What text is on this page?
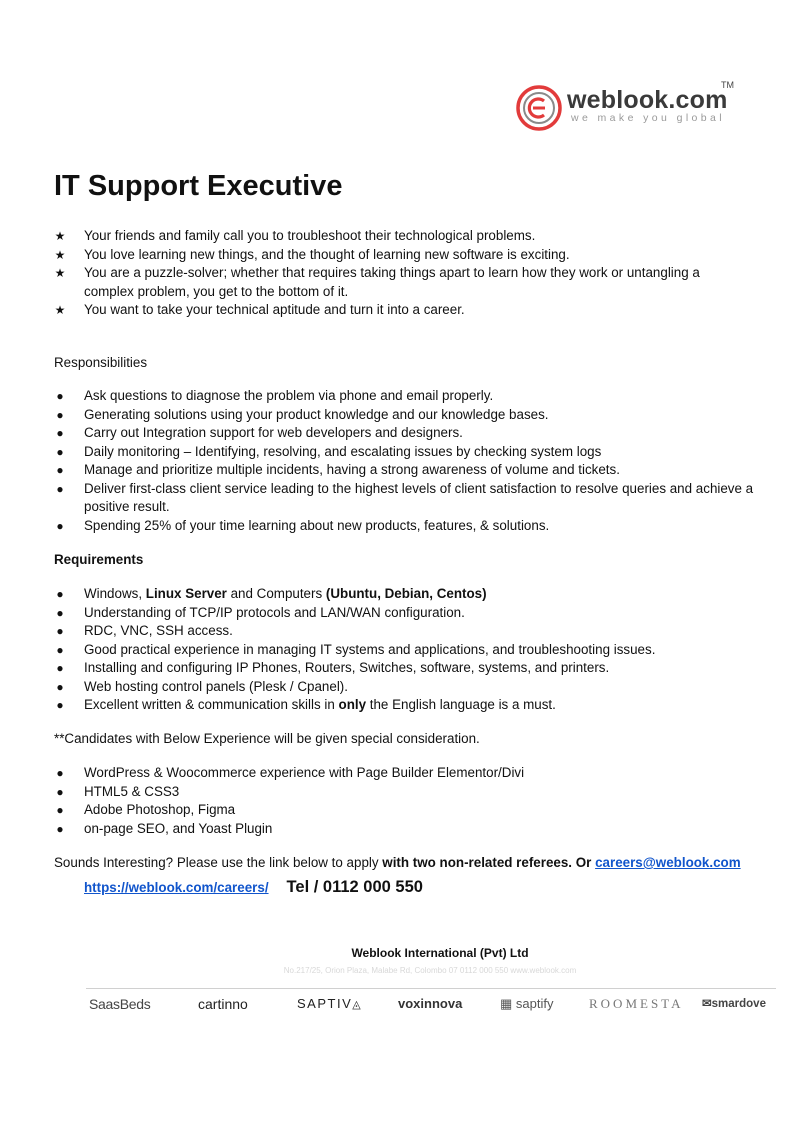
weblook.com
TM
we make you global
IT Support Executive
★ Your friends and family call you to troubleshoot their technological problems.
★ You love learning new things, and the thought of learning new software is exciting.
★ You are a puzzle-solver; whether that requires taking things apart to learn how they work or untangling a complex problem, you get to the bottom of it.
★ You want to take your technical aptitude and turn it into a career.

Responsibilities

● Ask questions to diagnose the problem via phone and email properly.
● Generating solutions using your product knowledge and our knowledge bases.
● Carry out Integration support for web developers and designers.
● Daily monitoring – Identifying, resolving, and escalating issues by checking system logs
● Manage and prioritize multiple incidents, having a strong awareness of volume and tickets.
● Deliver first-class client service leading to the highest levels of client satisfaction to resolve queries and achieve a positive result.
● Spending 25% of your time learning about new products, features, & solutions.

Requirements

● Windows, Linux Server and Computers (Ubuntu, Debian, Centos)
● Understanding of TCP/IP protocols and LAN/WAN configuration.
● RDC, VNC, SSH access.
● Good practical experience in managing IT systems and applications, and troubleshooting issues.
● Installing and configuring IP Phones, Routers, Switches, software, systems, and printers.
● Web hosting control panels (Plesk / Cpanel).
● Excellent written & communication skills in only the English language is a must.

**Candidates with Below Experience will be given special consideration.

● WordPress & Woocommerce experience with Page Builder Elementor/Divi
● HTML5 & CSS3
● Adobe Photoshop, Figma
● on-page SEO, and Yoast Plugin

Sounds Interesting? Please use the link below to apply with two non-related referees. Or careers@weblook.com

https://weblook.com/careers/ Tel / 0112 000 550

Weblook International (Pvt) Ltd
No.217/25, Orion Plaza, Malabe Rd, Colombo 07 0112 000 550 www.weblook.com
SaasBeds	cartinno	SAPTIV◬	voxinnova	▦ saptify	ROOMESTA ✉smardove
